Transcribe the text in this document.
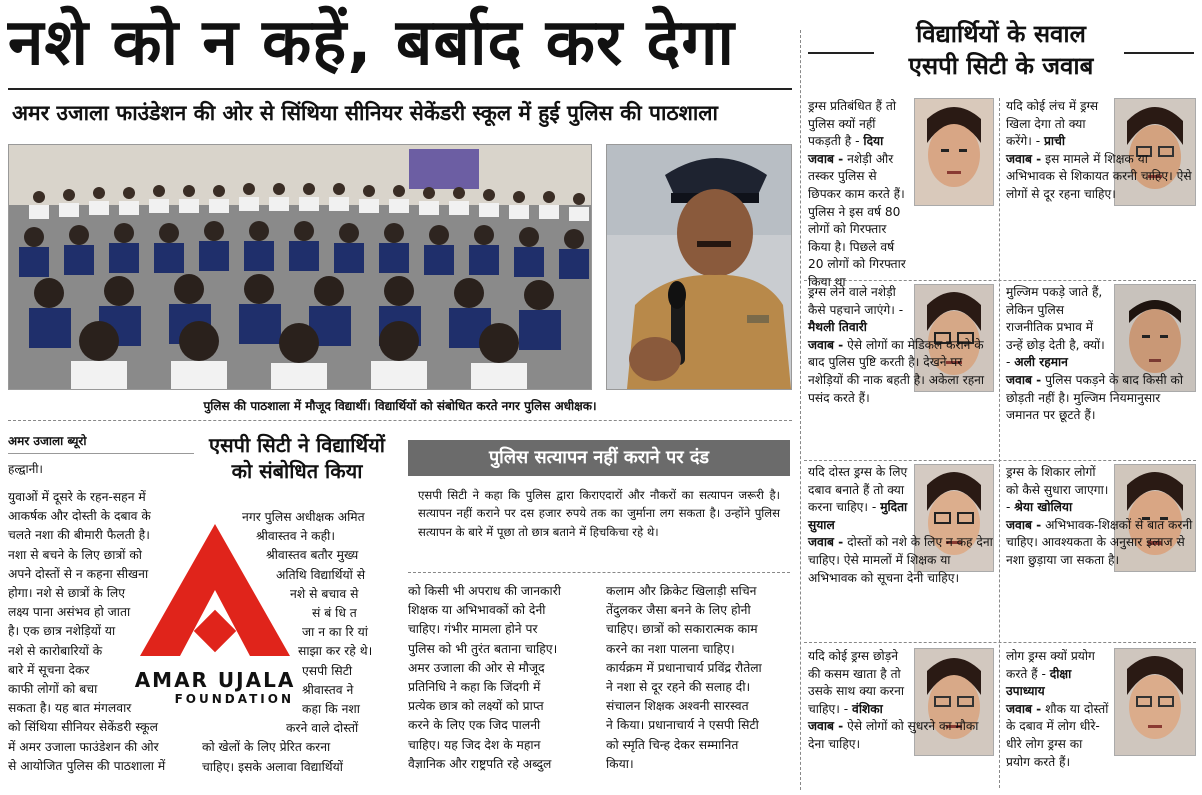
नशे को न कहें, बर्बाद कर देगा
अमर उजाला फाउंडेशन की ओर से सिंथिया सीनियर सेकेंडरी स्कूल में हुई पुलिस की पाठशाला
पुलिस की पाठशाला में मौजूद विद्यार्थी। विद्यार्थियों को संबोधित करते नगर पुलिस अधीक्षक।
अमर उजाला ब्यूरो
हल्द्वानी।
युवाओं में दूसरे के रहन-सहन में
आकर्षक और दोस्ती के दबाव के
चलते नशा की बीमारी फैलती है।
नशा से बचने के लिए छात्रों को
अपने दोस्तों से न कहना सीखना
होगा। नशे से छात्रों के लिए
लक्ष्य पाना असंभव हो जाता
है। एक छात्र नशेड़ियों या
नशे से कारोबारियों के
बारे में सूचना देकर
काफी लोगों को बचा
सकता है। यह बात मंगलवार
को सिंथिया सीनियर सेकेंडरी स्कूल
में अमर उजाला फाउंडेशन की ओर
से आयोजित पुलिस की पाठशाला में
AMAR UJALA
FOUNDATION
एसपी सिटी ने विद्यार्थियों को संबोधित किया
नगर पुलिस अधीक्षक अमित
श्रीवास्तव ने कही।
श्रीवास्तव बतौर मुख्य
अतिथि विद्यार्थियों से
नशे से बचाव से
सं बं धि त
जा न का रि यां
साझा कर रहे थे।
एसपी सिटी
श्रीवास्तव ने
कहा कि नशा
करने वाले दोस्तों
को खेलों के लिए प्रेरित करना
चाहिए। इसके अलावा विद्यार्थियों
पुलिस सत्यापन नहीं कराने पर दंड
एसपी सिटी ने कहा कि पुलिस द्वारा किराएदारों और नौकरों का सत्यापन जरूरी है। सत्यापन नहीं कराने पर दस हजार रुपये तक का जुर्माना लग सकता है। उन्होंने पुलिस सत्यापन के बारे में पूछा तो छात्र बताने में हिचकिचा रहे थे।
को किसी भी अपराध की जानकारी
शिक्षक या अभिभावकों को देनी
चाहिए। गंभीर मामला होने पर
पुलिस को भी तुरंत बताना चाहिए।
अमर उजाला की ओर से मौजूद
प्रतिनिधि ने कहा कि जिंदगी में
प्रत्येक छात्र को लक्ष्यों को प्राप्त
करने के लिए एक जिद पालनी
चाहिए। यह जिद देश के महान
वैज्ञानिक और राष्ट्रपति रहे अब्दुल
कलाम और क्रिकेट खिलाड़ी सचिन
तेंदुलकर जैसा बनने के लिए होनी
चाहिए। छात्रों को सकारात्मक काम
करने का नशा पालना चाहिए।
कार्यक्रम में प्रधानाचार्य प्रविंद्र रौतेला
ने नशा से दूर रहने की सलाह दी।
संचालन शिक्षक अश्वनी सारस्वत
ने किया। प्रधानाचार्य ने एसपी सिटी
को स्मृति चिन्ह देकर सम्मानित
किया।
विद्यार्थियों के सवाल
एसपी सिटी के जवाब
ड्रग्स प्रतिबंधित हैं तो पुलिस क्यों नहीं पकड़ती है - दिया
जवाब - नशेड़ी और तस्कर पुलिस से छिपकर काम करते हैं। पुलिस ने इस वर्ष 80 लोगों को गिरफ्तार किया है। पिछले वर्ष 20 लोगों को गिरफ्तार किया था
यदि कोई लंच में ड्रग्स खिला देगा तो क्या करेंगे। - प्राची
जवाब - इस मामले में शिक्षक या अभिभावक से शिकायत करनी चाहिए। ऐसे लोगों से दूर रहना चाहिए।
ड्रग्स लेने वाले नशेड़ी कैसे पहचाने जाएंगे। - मैथली तिवारी
जवाब - ऐसे लोगों का मेडिकल कराने के बाद पुलिस पुष्टि करती है। देखने पर नशेड़ियों की नाक बहती है। अकेला रहना पसंद करते हैं।
मुल्जिम पकड़े जाते हैं, लेकिन पुलिस राजनीतिक प्रभाव में उन्हें छोड़ देती है, क्यों। - अली रहमान
जवाब - पुलिस पकड़ने के बाद किसी को छोड़ती नहीं है। मुल्जिम नियमानुसार जमानत पर छूटते हैं।
यदि दोस्त ड्रग्स के लिए दबाव बनाते हैं तो क्या करना चाहिए। - मुदिता सुयाल
जवाब - दोस्तों को नशे के लिए न कह देना चाहिए। ऐसे मामलों में शिक्षक या अभिभावक को सूचना देनी चाहिए।
ड्रग्स के शिकार लोगों को कैसे सुधारा जाएगा। - श्रेया खोलिया
जवाब - अभिभावक-शिक्षकों से बात करनी चाहिए। आवश्यकता के अनुसार इलाज से नशा छुड़ाया जा सकता है।
यदि कोई ड्रग्स छोड़ने की कसम खाता है तो उसके साथ क्या करना चाहिए। - वंशिका
जवाब - ऐसे लोगों को सुधरने का मौका देना चाहिए।
लोग ड्रग्स क्यों प्रयोग करते हैं - दीक्षा उपाध्याय
जवाब - शौक या दोस्तों के दबाव में लोग धीरे-धीरे लोग ड्रग्स का प्रयोग करते हैं।
